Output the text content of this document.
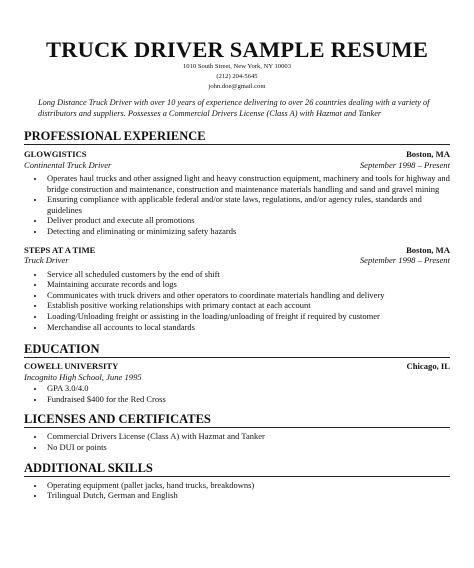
TRUCK DRIVER SAMPLE RESUME
1010 South Street, New York, NY 10003
(212) 204-5645
john.doe@gmail.com
Long Distance Truck Driver with over 10 years of experience delivering to over 26 countries dealing with a variety of distributors and suppliers. Possesses a Commercial Drivers License (Class A) with Hazmat and Tanker
PROFESSIONAL EXPERIENCE
GLOWGISTICS	Boston, MA
Continental Truck Driver	September 1998 – Present
• Operates haul trucks and other assigned light and heavy construction equipment, machinery and tools for highway and bridge construction and maintenance, construction and maintenance materials handling and sand and gravel mining
• Ensuring compliance with applicable federal and/or state laws, regulations, and/or agency rules, standards and guidelines
• Deliver product and execute all promotions
• Detecting and eliminating or minimizing safety hazards
STEPS AT A TIME	Boston, MA
Truck Driver	September 1998 – Present
• Service all scheduled customers by the end of shift
• Maintaining accurate records and logs
• Communicates with truck drivers and other operators to coordinate materials handling and delivery
• Establish positive working relationships with primary contact at each account
• Loading/Unloading freight or assisting in the loading/unloading of freight if required by customer
• Merchandise all accounts to local standards
EDUCATION
COWELL UNIVERSITY	Chicago, IL
Incognito High School, June 1995
• GPA 3.0/4.0
• Fundraised $400 for the Red Cross
LICENSES AND CERTIFICATES
• Commercial Drivers License (Class A) with Hazmat and Tanker
• No DUI or points
ADDITIONAL SKILLS
• Operating equipment (pallet jacks, hand trucks, breakdowns)
• Trilingual Dutch, German and English
